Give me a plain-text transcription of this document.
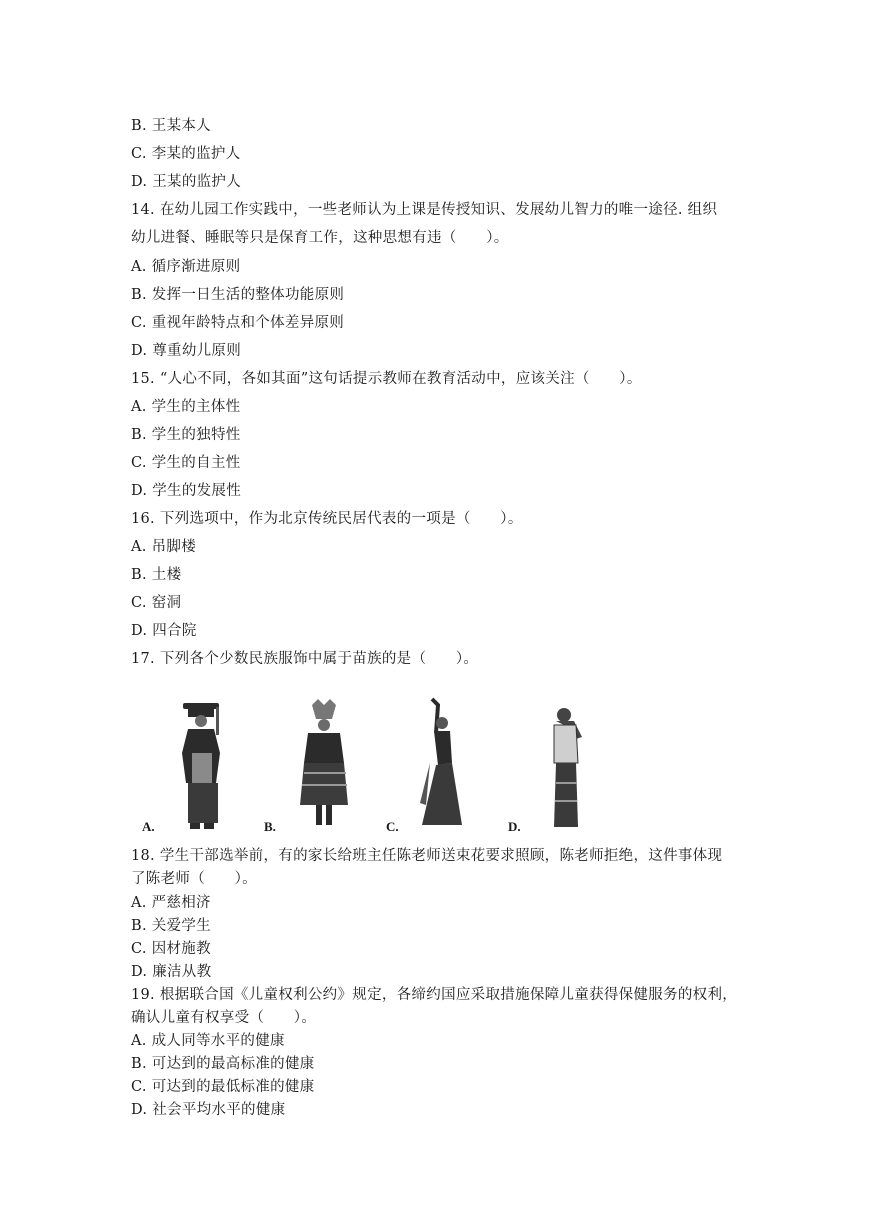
B. 王某本人
C. 李某的监护人
D. 王某的监护人
14. 在幼儿园工作实践中，一些老师认为上课是传授知识、发展幼儿智力的唯一途径. 组织
幼儿进餐、睡眠等只是保育工作，这种思想有违（　　）。
A. 循序渐进原则
B. 发挥一日生活的整体功能原则
C. 重视年龄特点和个体差异原则
D. 尊重幼儿原则
15. “人心不同，各如其面”这句话提示教师在教育活动中，应该关注（　　）。
A. 学生的主体性
B. 学生的独特性
C. 学生的自主性
D. 学生的发展性
16. 下列选项中，作为北京传统民居代表的一项是（　　）。
A. 吊脚楼
B. 土楼
C. 窑洞
D. 四合院
17. 下列各个少数民族服饰中属于苗族的是（　　）。
A.	B.	C.	D.
18. 学生干部选举前，有的家长给班主任陈老师送束花要求照顾，陈老师拒绝，这件事体现
了陈老师（　　）。
A. 严慈相济
B. 关爱学生
C. 因材施教
D. 廉洁从教
19. 根据联合国《儿童权利公约》规定，各缔约国应采取措施保障儿童获得保健服务的权利，
确认儿童有权享受（　　）。
A. 成人同等水平的健康
B. 可达到的最高标准的健康
C. 可达到的最低标准的健康
D. 社会平均水平的健康
